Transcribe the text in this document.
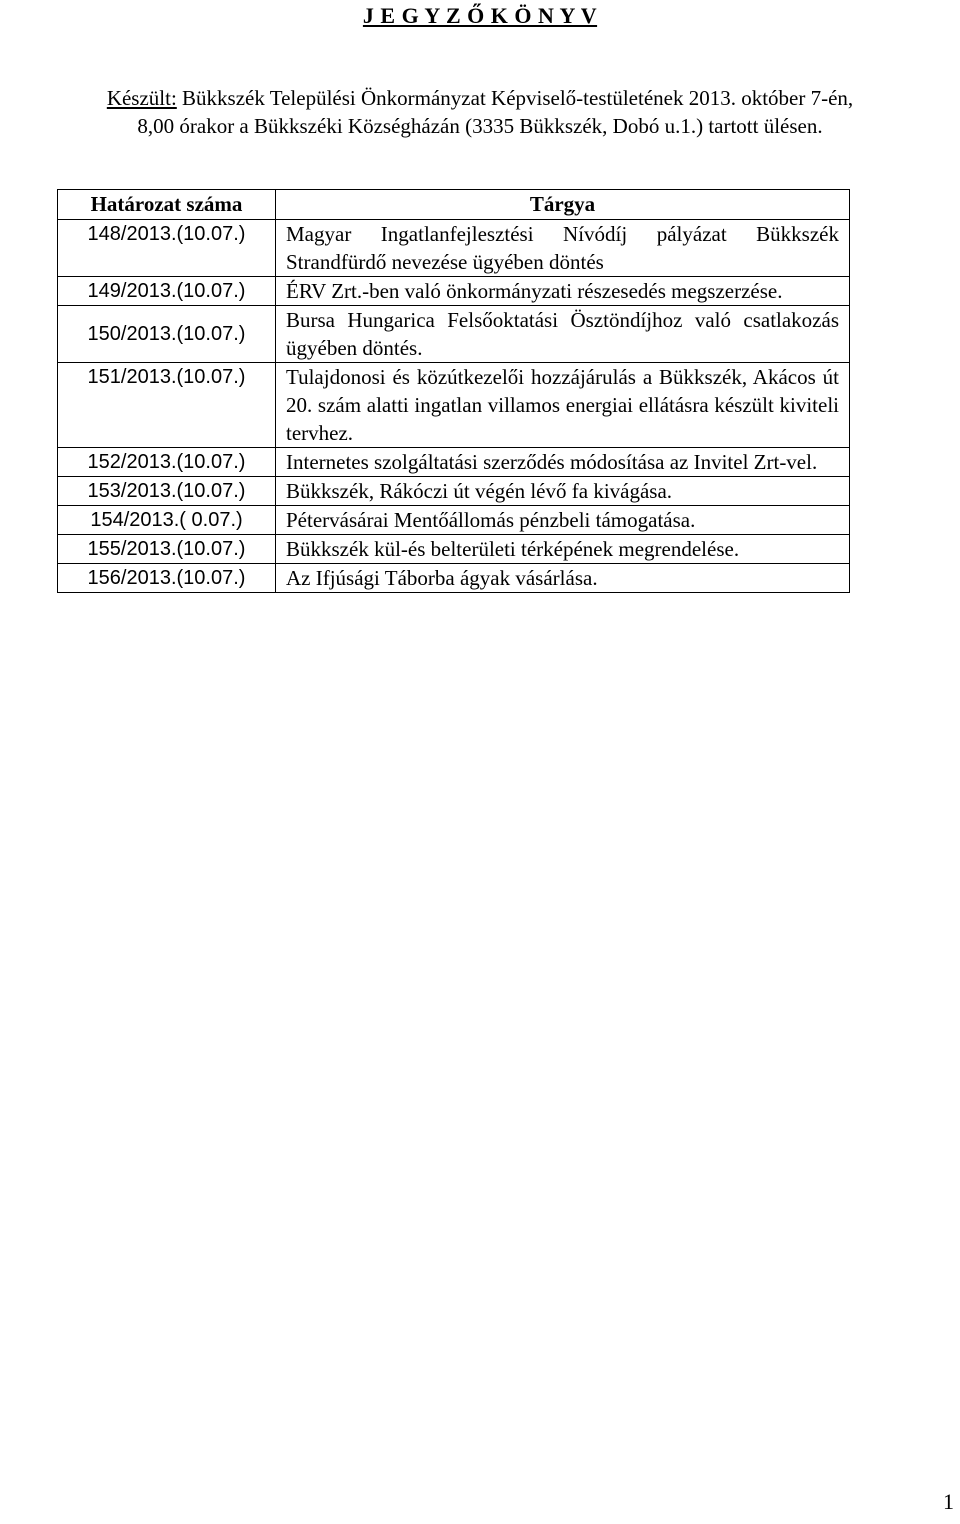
J E G Y Z Ő K Ö N Y V
Készült: Bükkszék Települési Önkormányzat Képviselő-testületének 2013. október 7-én,
8,00 órakor a Bükkszéki Községházán (3335 Bükkszék, Dobó u.1.) tartott ülésen.
Határozat száma	Tárgya
148/2013.(10.07.)	Magyar Ingatlanfejlesztési Nívódíj pályázat Bükkszék Strandfürdő nevezése ügyében döntés
149/2013.(10.07.)	ÉRV Zrt.-ben való önkormányzati részesedés megszerzése.
150/2013.(10.07.)	Bursa Hungarica Felsőoktatási Ösztöndíjhoz való csatlakozás ügyében döntés.
151/2013.(10.07.)	Tulajdonosi és közútkezelői hozzájárulás a Bükkszék, Akácos út 20. szám alatti ingatlan villamos energiai ellátásra készült kiviteli tervhez.
152/2013.(10.07.)	Internetes szolgáltatási szerződés módosítása az Invitel Zrt-vel.
153/2013.(10.07.)	Bükkszék, Rákóczi út végén lévő fa kivágása.
154/2013.( 0.07.)	Pétervásárai Mentőállomás pénzbeli támogatása.
155/2013.(10.07.)	Bükkszék kül-és belterületi térképének megrendelése.
156/2013.(10.07.)	Az Ifjúsági Táborba ágyak vásárlása.
1
